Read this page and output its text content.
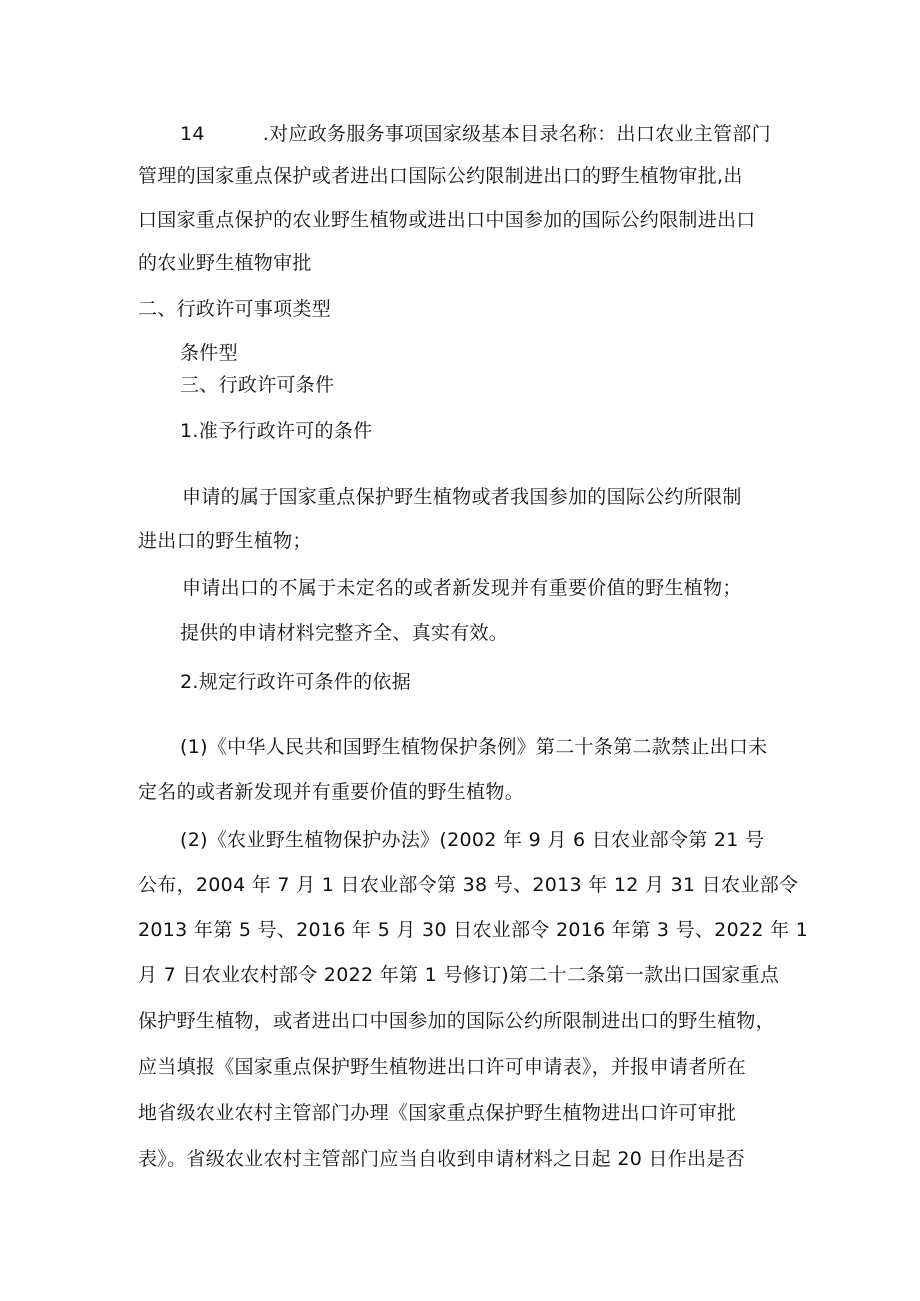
14	.对应政务服务事项国家级基本目录名称：出口农业主管部门
管理的国家重点保护或者进出口国际公约限制进出口的野生植物审批,出
口国家重点保护的农业野生植物或进出口中国参加的国际公约限制进出口
的农业野生植物审批
二、行政许可事项类型
条件型
三、行政许可条件
1.准予行政许可的条件
申请的属于国家重点保护野生植物或者我国参加的国际公约所限制
进出口的野生植物；
申请出口的不属于未定名的或者新发现并有重要价值的野生植物；
提供的申请材料完整齐全、真实有效。
2.规定行政许可条件的依据
(1)《中华人民共和国野生植物保护条例》第二十条第二款禁止出口未
定名的或者新发现并有重要价值的野生植物。
(2)《农业野生植物保护办法》(2002 年 9 月 6 日农业部令第 21 号
公布，2004 年 7 月 1 日农业部令第 38 号、2013 年 12 月 31 日农业部令
2013 年第 5 号、2016 年 5 月 30 日农业部令 2016 年第 3 号、2022 年 1
月 7 日农业农村部令 2022 年第 1 号修订)第二十二条第一款出口国家重点
保护野生植物，或者进出口中国参加的国际公约所限制进出口的野生植物，
应当填报《国家重点保护野生植物进出口许可申请表》，并报申请者所在
地省级农业农村主管部门办理《国家重点保护野生植物进出口许可审批
表》。省级农业农村主管部门应当自收到申请材料之日起 20 日作出是否
